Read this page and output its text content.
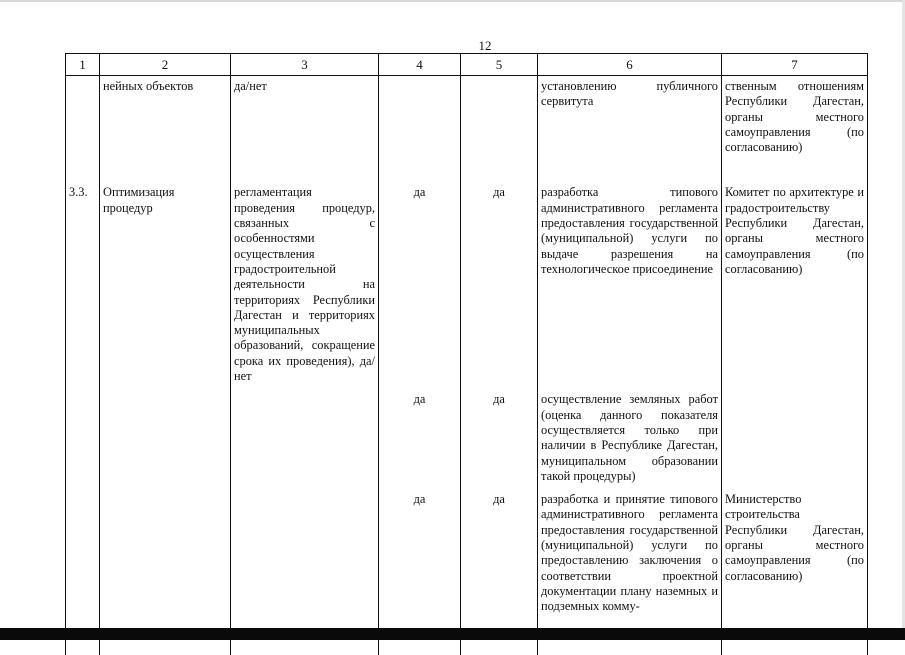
12
1	2	3	4	5	6	7
	нейных объектов	да/нет			установлению публичного сервитута	ственным отношениям Республики Дагестан, органы местного самоуправления (по согласованию)
3.3.	Оптимизация процедур	регламентация проведения процедур, связанных с особенностями осуществления градостроительной деятельности на территориях Республики Дагестан и территориях муниципальных образований, сокращение срока их проведения), да/нет	да	да	разработка типового административного регламента предоставления государственной (муниципальной) услуги по выдаче разрешения на технологическое присоединение	Комитет по архитектуре и градостроительству Республики Дагестан, органы местного самоуправления (по согласованию)
			да	да	осуществление земляных работ (оценка данного показателя осуществляется только при наличии в Республике Дагестан, муниципальном образовании такой процедуры)	
			да	да	разработка и принятие типового административного регламента предоставления государственной (муниципальной) услуги по предоставлению заключения о соответствии проектной документации плану наземных и подземных комму-	Министерство строительства Республики Дагестан, органы местного самоуправления (по согласованию)
